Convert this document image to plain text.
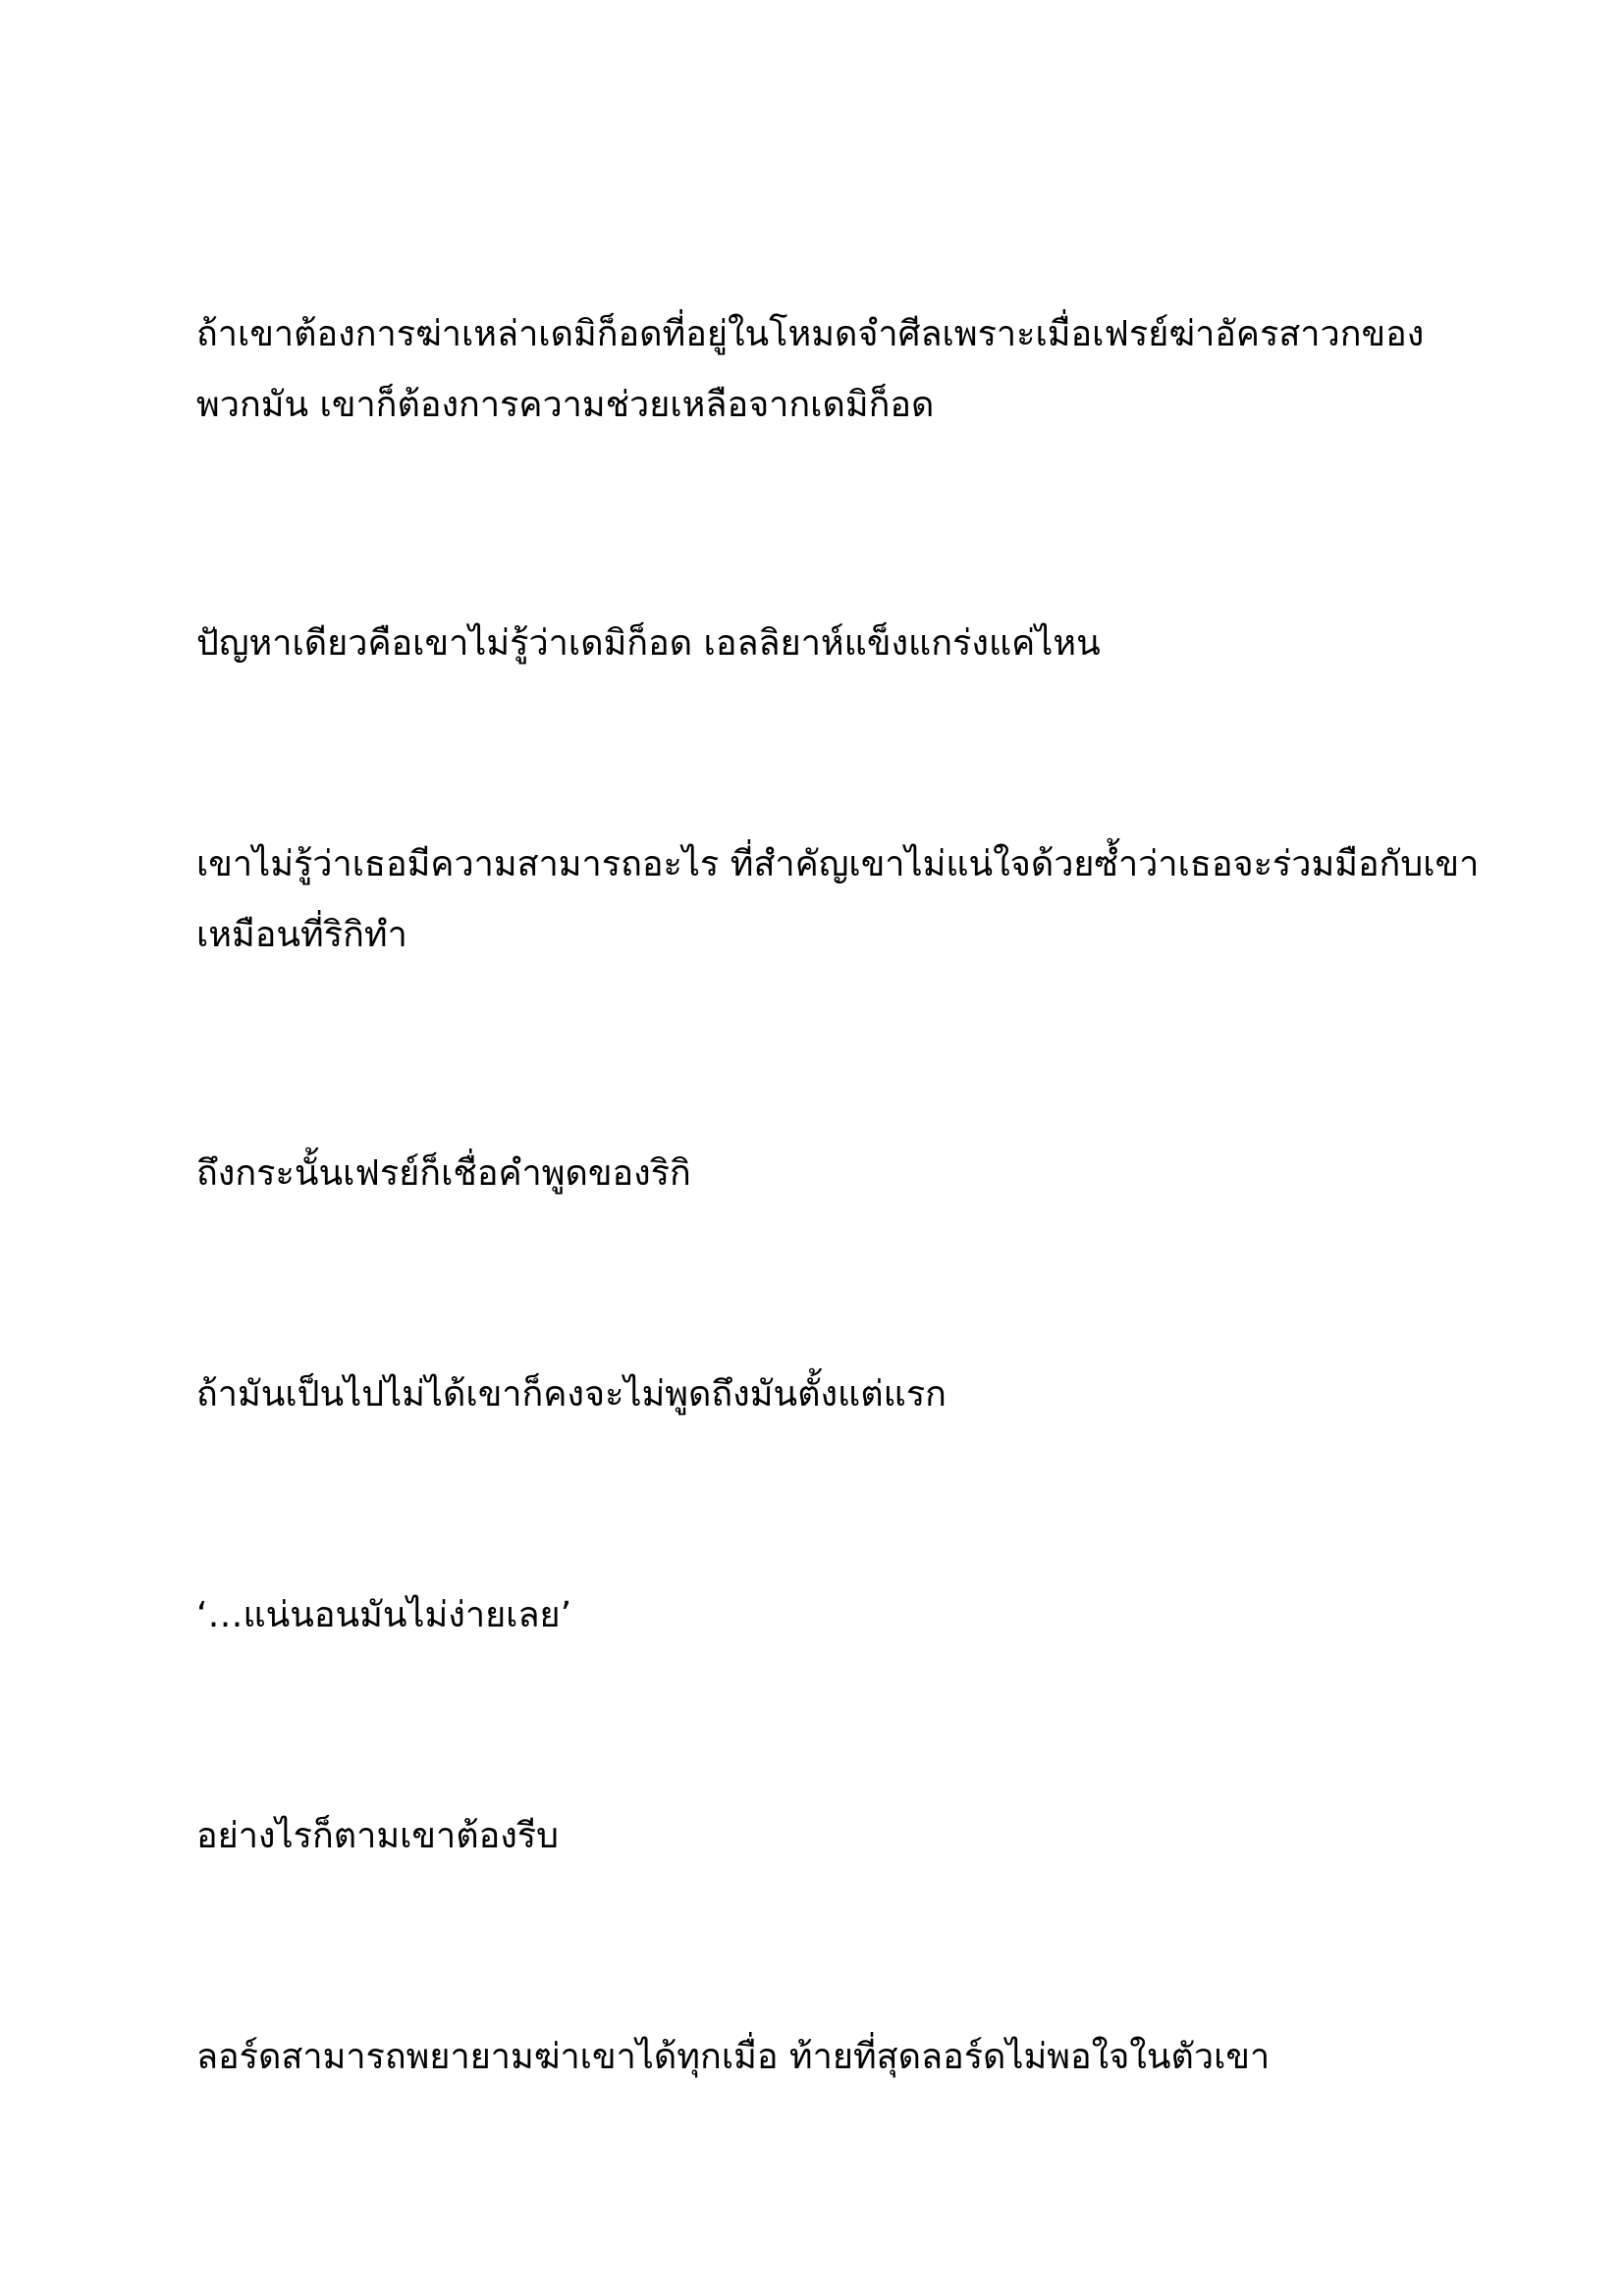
ถ้าเขาต้องการฆ่าเหล่าเดมิก็อดที่อยู่ในโหมดจำศีลเพราะเมื่อเฟรย์ฆ่าอัครสาวกของ
พวกมัน เขาก็ต้องการความช่วยเหลือจากเดมิก็อด

ปัญหาเดียวคือเขาไม่รู้ว่าเดมิก็อด เอลลิยาห์แข็งแกร่งแค่ไหน

เขาไม่รู้ว่าเธอมีความสามารถอะไร ที่สำคัญเขาไม่แน่ใจด้วยซ้ำว่าเธอจะร่วมมือกับเขา
เหมือนที่ริกิทำ

ถึงกระนั้นเฟรย์ก็เชื่อคำพูดของริกิ

ถ้ามันเป็นไปไม่ได้เขาก็คงจะไม่พูดถึงมันตั้งแต่แรก

‘…แน่นอนมันไม่ง่ายเลย’

อย่างไรก็ตามเขาต้องรีบ

ลอร์ดสามารถพยายามฆ่าเขาได้ทุกเมื่อ ท้ายที่สุดลอร์ดไม่พอใจในตัวเขา
